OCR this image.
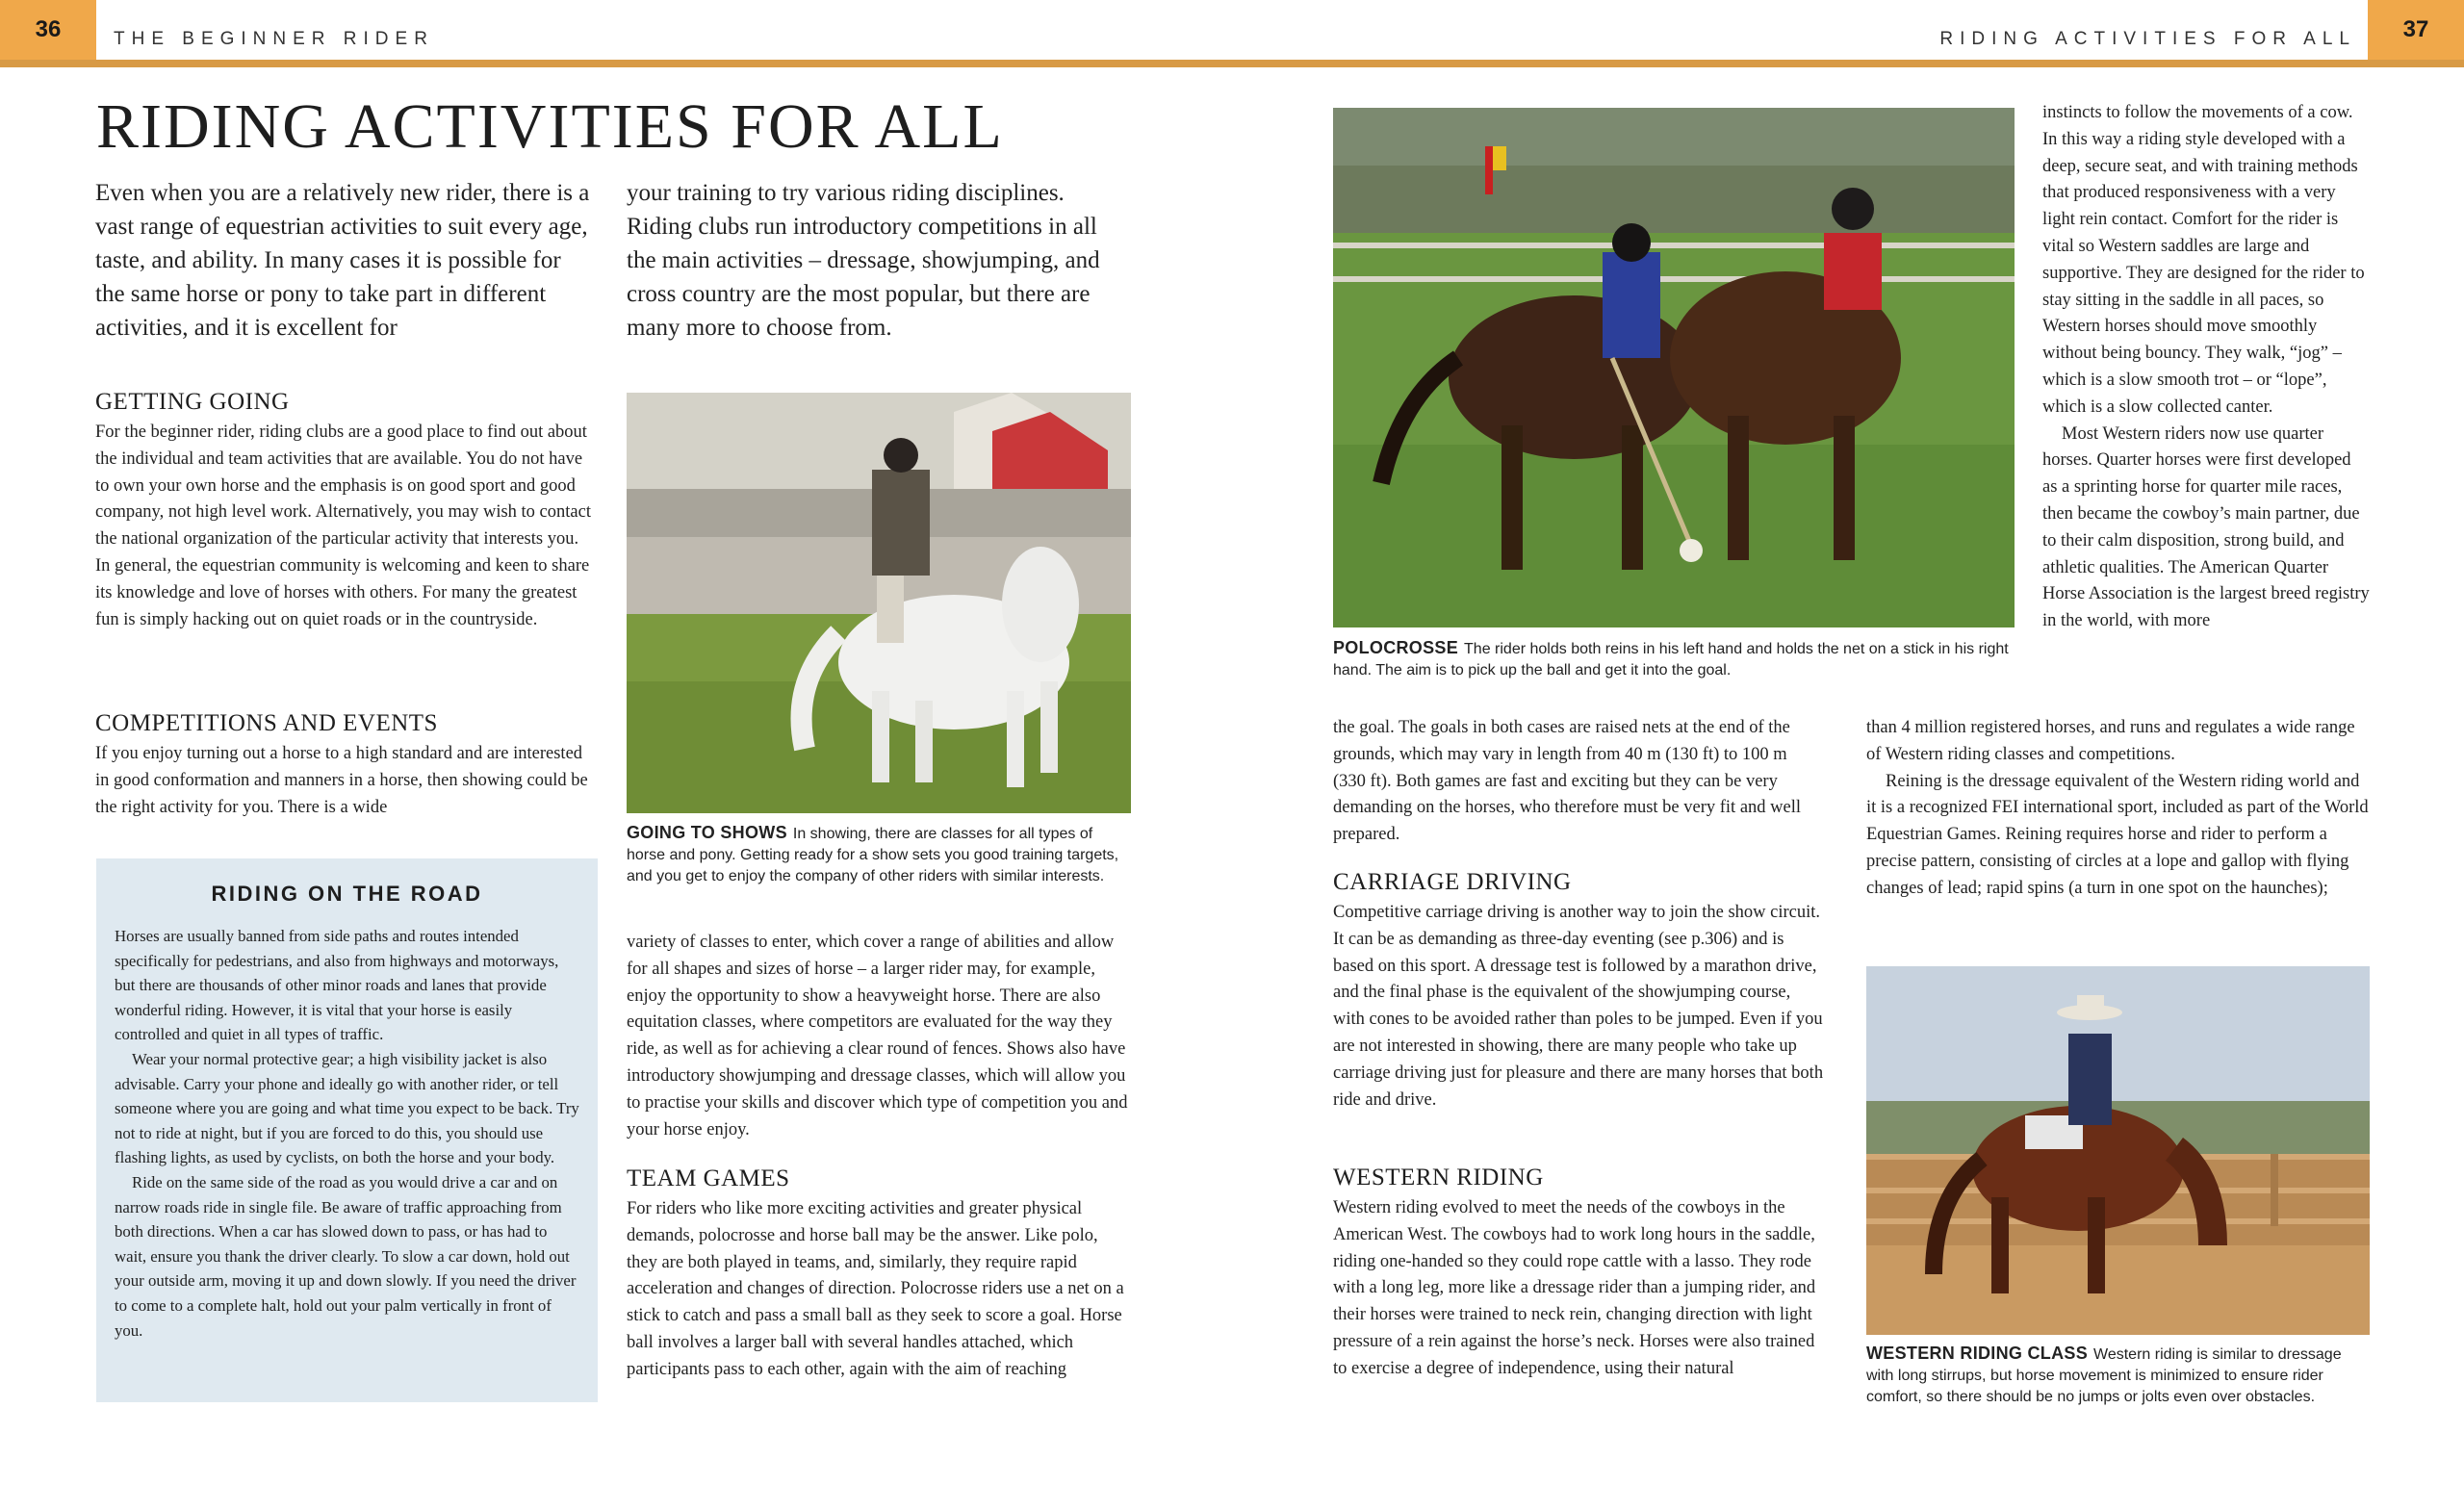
36	THE BEGINNER RIDER	RIDING ACTIVITIES FOR ALL	37
RIDING ACTIVITIES FOR ALL
Even when you are a relatively new rider, there is a vast range of equestrian activities to suit every age, taste, and ability. In many cases it is possible for the same horse or pony to take part in different activities, and it is excellent for
your training to try various riding disciplines. Riding clubs run introductory competitions in all the main activities – dressage, showjumping, and cross country are the most popular, but there are many more to choose from.
GETTING GOING
For the beginner rider, riding clubs are a good place to find out about the individual and team activities that are available. You do not have to own your own horse and the emphasis is on good sport and good company, not high level work. Alternatively, you may wish to contact the national organization of the particular activity that interests you. In general, the equestrian community is welcoming and keen to share its knowledge and love of horses with others. For many the greatest fun is simply hacking out on quiet roads or in the countryside.
COMPETITIONS AND EVENTS
If you enjoy turning out a horse to a high standard and are interested in good conformation and manners in a horse, then showing could be the right activity for you. There is a wide
RIDING ON THE ROAD

Horses are usually banned from side paths and routes intended specifically for pedestrians, and also from highways and motorways, but there are thousands of other minor roads and lanes that provide wonderful riding. However, it is vital that your horse is easily controlled and quiet in all types of traffic.

Wear your normal protective gear; a high visibility jacket is also advisable. Carry your phone and ideally go with another rider, or tell someone where you are going and what time you expect to be back. Try not to ride at night, but if you are forced to do this, you should use flashing lights, as used by cyclists, on both the horse and your body.

Ride on the same side of the road as you would drive a car and on narrow roads ride in single file. Be aware of traffic approaching from both directions. When a car has slowed down to pass, or has had to wait, ensure you thank the driver clearly. To slow a car down, hold out your outside arm, moving it up and down slowly. If you need the driver to come to a complete halt, hold out your palm vertically in front of you.

GOING TO SHOWS In showing, there are classes for all types of horse and pony. Getting ready for a show sets you good training targets, and you get to enjoy the company of other riders with similar interests.
variety of classes to enter, which cover a range of abilities and allow for all shapes and sizes of horse – a larger rider may, for example, enjoy the opportunity to show a heavyweight horse. There are also equitation classes, where competitors are evaluated for the way they ride, as well as for achieving a clear round of fences. Shows also have introductory showjumping and dressage classes, which will allow you to practise your skills and discover which type of competition you and your horse enjoy.
TEAM GAMES
For riders who like more exciting activities and greater physical demands, polocrosse and horse ball may be the answer. Like polo, they are both played in teams, and, similarly, they require rapid acceleration and changes of direction. Polocrosse riders use a net on a stick to catch and pass a small ball as they seek to score a goal. Horse ball involves a larger ball with several handles attached, which participants pass to each other, again with the aim of reaching
POLOCROSSE The rider holds both reins in his left hand and holds the net on a stick in his right hand. The aim is to pick up the ball and get it into the goal.
the goal. The goals in both cases are raised nets at the end of the grounds, which may vary in length from 40 m (130 ft) to 100 m (330 ft). Both games are fast and exciting but they can be very demanding on the horses, who therefore must be very fit and well prepared.
CARRIAGE DRIVING
Competitive carriage driving is another way to join the show circuit. It can be as demanding as three-day eventing (see p.306) and is based on this sport. A dressage test is followed by a marathon drive, and the final phase is the equivalent of the showjumping course, with cones to be avoided rather than poles to be jumped. Even if you are not interested in showing, there are many people who take up carriage driving just for pleasure and there are many horses that both ride and drive.
WESTERN RIDING
Western riding evolved to meet the needs of the cowboys in the American West. The cowboys had to work long hours in the saddle, riding one-handed so they could rope cattle with a lasso. They rode with a long leg, more like a dressage rider than a jumping rider, and their horses were trained to neck rein, changing direction with light pressure of a rein against the horse’s neck. Horses were also trained to exercise a degree of independence, using their natural

instincts to follow the movements of a cow. In this way a riding style developed with a deep, secure seat, and with training methods that produced responsiveness with a very light rein contact. Comfort for the rider is vital so Western saddles are large and supportive. They are designed for the rider to stay sitting in the saddle in all paces, so Western horses should move smoothly without being bouncy. They walk, “jog” – which is a slow smooth trot – or “lope”, which is a slow collected canter.

Most Western riders now use quarter horses. Quarter horses were first developed as a sprinting horse for quarter mile races, then became the cowboy’s main partner, due to their calm disposition, strong build, and athletic qualities. The American Quarter Horse Association is the largest breed registry in the world, with more

than 4 million registered horses, and runs and regulates a wide range of Western riding classes and competitions.

Reining is the dressage equivalent of the Western riding world and it is a recognized FEI international sport, included as part of the World Equestrian Games. Reining requires horse and rider to perform a precise pattern, consisting of circles at a lope and gallop with flying changes of lead; rapid spins (a turn in one spot on the haunches);

WESTERN RIDING CLASS Western riding is similar to dressage with long stirrups, but horse movement is minimized to ensure rider comfort, so there should be no jumps or jolts even over obstacles.
